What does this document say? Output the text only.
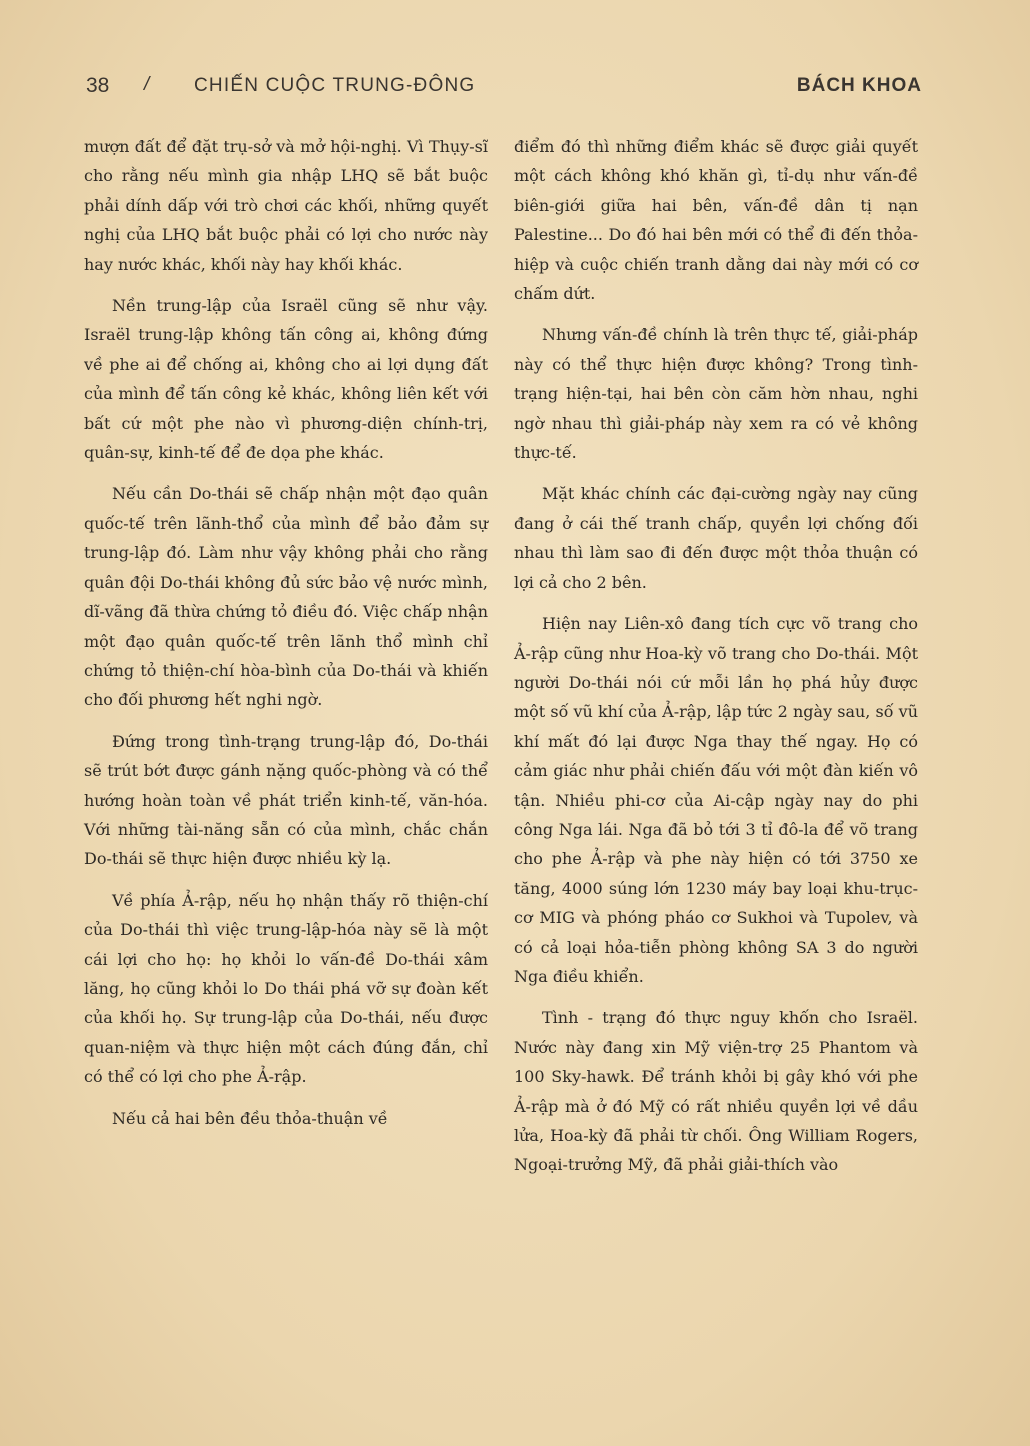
38 / CHIẾN CUỘC TRUNG-ĐÔNG	BÁCH KHOA

mượn đất để đặt trụ-sở và mở hội-nghị. Vì Thụy-sĩ cho rằng nếu mình gia nhập LHQ sẽ bắt buộc phải dính dấp với trò chơi các khối, những quyết nghị của LHQ bắt buộc phải có lợi cho nước này hay nước khác, khối này hay khối khác.

Nền trung-lập của Israël cũng sẽ như vậy. Israël trung-lập không tấn công ai, không đứng về phe ai để chống ai, không cho ai lợi dụng đất của mình để tấn công kẻ khác, không liên kết với bất cứ một phe nào vì phương-diện chính-trị, quân-sự, kinh-tế để đe dọa phe khác.

Nếu cần Do-thái sẽ chấp nhận một đạo quân quốc-tế trên lãnh-thổ của mình để bảo đảm sự trung-lập đó. Làm như vậy không phải cho rằng quân đội Do-thái không đủ sức bảo vệ nước mình, dĩ-vãng đã thừa chứng tỏ điều đó. Việc chấp nhận một đạo quân quốc-tế trên lãnh thổ mình chỉ chứng tỏ thiện-chí hòa-bình của Do-thái và khiến cho đối phương hết nghi ngờ.

Đứng trong tình-trạng trung-lập đó, Do-thái sẽ trút bớt được gánh nặng quốc-phòng và có thể hướng hoàn toàn về phát triển kinh-tế, văn-hóa. Với những tài-năng sẵn có của mình, chắc chắn Do-thái sẽ thực hiện được nhiều kỳ lạ.

Về phía Ả-rập, nếu họ nhận thấy rõ thiện-chí của Do-thái thì việc trung-lập-hóa này sẽ là một cái lợi cho họ: họ khỏi lo vấn-đề Do-thái xâm lăng, họ cũng khỏi lo Do thái phá vỡ sự đoàn kết của khối họ. Sự trung-lập của Do-thái, nếu được quan-niệm và thực hiện một cách đúng đắn, chỉ có thể có lợi cho phe Ả-rập.

Nếu cả hai bên đều thỏa-thuận về

điểm đó thì những điểm khác sẽ được giải quyết một cách không khó khăn gì, tỉ-dụ như vấn-đề biên-giới giữa hai bên, vấn-đề dân tị nạn Palestine... Do đó hai bên mới có thể đi đến thỏa-hiệp và cuộc chiến tranh dằng dai này mới có cơ chấm dứt.

Nhưng vấn-đề chính là trên thực tế, giải-pháp này có thể thực hiện được không? Trong tình-trạng hiện-tại, hai bên còn căm hờn nhau, nghi ngờ nhau thì giải-pháp này xem ra có vẻ không thực-tế.

Mặt khác chính các đại-cường ngày nay cũng đang ở cái thế tranh chấp, quyền lợi chống đối nhau thì làm sao đi đến được một thỏa thuận có lợi cả cho 2 bên.

Hiện nay Liên-xô đang tích cực võ trang cho Ả-rập cũng như Hoa-kỳ võ trang cho Do-thái. Một người Do-thái nói cứ mỗi lần họ phá hủy được một số vũ khí của Ả-rập, lập tức 2 ngày sau, số vũ khí mất đó lại được Nga thay thế ngay. Họ có cảm giác như phải chiến đấu với một đàn kiến vô tận. Nhiều phi-cơ của Ai-cập ngày nay do phi công Nga lái. Nga đã bỏ tới 3 tỉ đô-la để võ trang cho phe Ả-rập và phe này hiện có tới 3750 xe tăng, 4000 súng lớn 1230 máy bay loại khu-trục-cơ MIG và phóng pháo cơ Sukhoi và Tupolev, và có cả loại hỏa-tiễn phòng không SA 3 do người Nga điều khiển.

Tình - trạng đó thực nguy khốn cho Israël. Nước này đang xin Mỹ viện-trợ 25 Phantom và 100 Sky-hawk. Để tránh khỏi bị gây khó với phe Ả-rập mà ở đó Mỹ có rất nhiều quyền lợi về dầu lửa, Hoa-kỳ đã phải từ chối. Ông William Rogers, Ngoại-trưởng Mỹ, đã phải giải-thích vào
